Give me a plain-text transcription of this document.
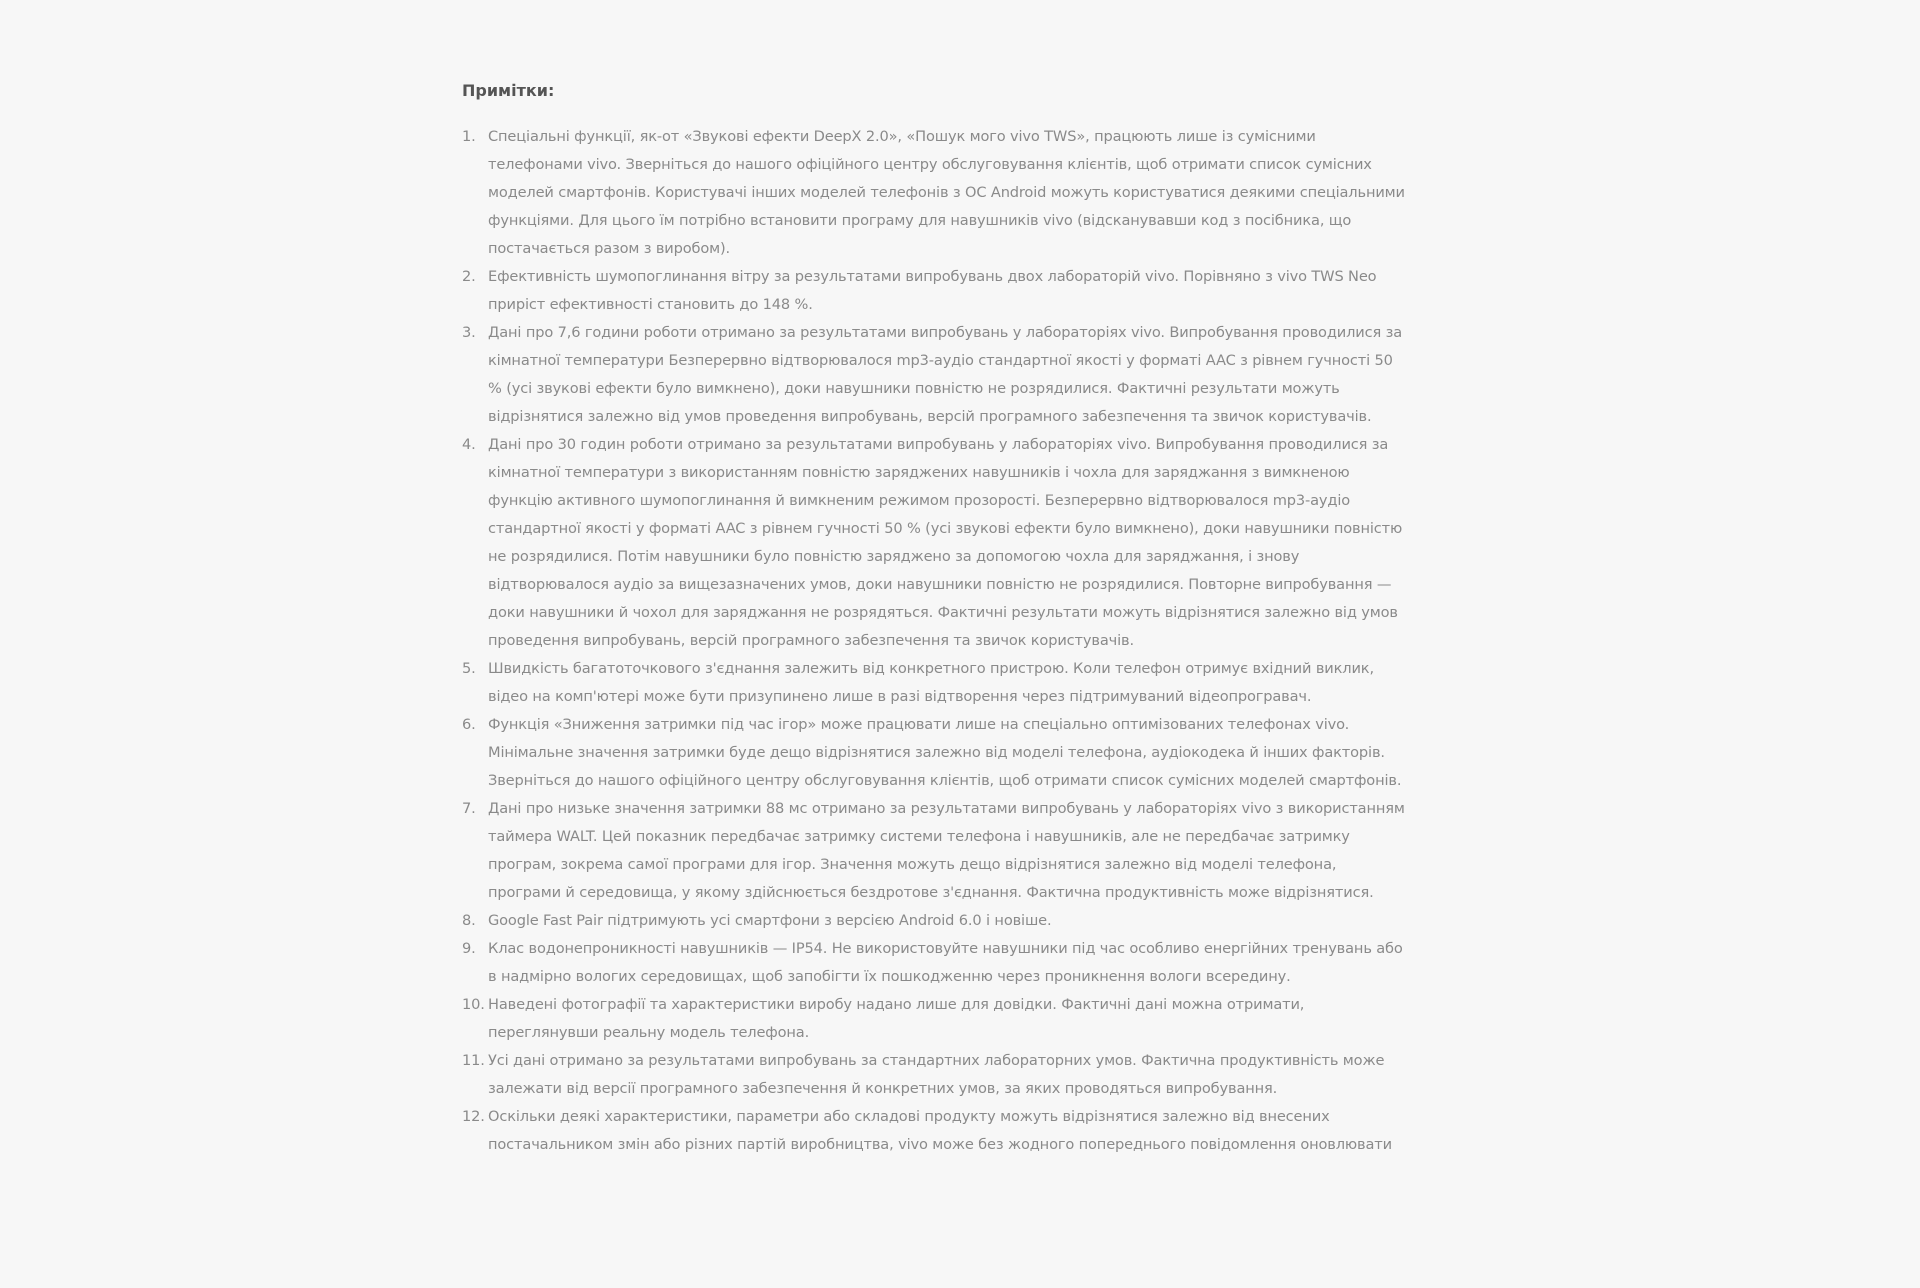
Примітки:
1. Спеціальні функції, як-от «Звукові ефекти DeepX 2.0», «Пошук мого vivo TWS», працюють лише із сумісними телефонами vivo. Зверніться до нашого офіційного центру обслуговування клієнтів, щоб отримати список сумісних моделей смартфонів. Користувачі інших моделей телефонів з ОС Android можуть користуватися деякими спеціальними функціями. Для цього їм потрібно встановити програму для навушників vivo (відсканувавши код з посібника, що постачається разом з виробом).
2. Ефективність шумопоглинання вітру за результатами випробувань двох лабораторій vivo. Порівняно з vivo TWS Neo приріст ефективності становить до 148 %.
3. Дані про 7,6 години роботи отримано за результатами випробувань у лабораторіях vivo. Випробування проводилися за кімнатної температури Безперервно відтворювалося mp3-аудіо стандартної якості у форматі AAC з рівнем гучності 50 % (усі звукові ефекти було вимкнено), доки навушники повністю не розрядилися. Фактичні результати можуть відрізнятися залежно від умов проведення випробувань, версій програмного забезпечення та звичок користувачів.
4. Дані про 30 годин роботи отримано за результатами випробувань у лабораторіях vivo. Випробування проводилися за кімнатної температури з використанням повністю заряджених навушників і чохла для заряджання з вимкненою функцію активного шумопоглинання й вимкненим режимом прозорості. Безперервно відтворювалося mp3-аудіо стандартної якості у форматі AAC з рівнем гучності 50 % (усі звукові ефекти було вимкнено), доки навушники повністю не розрядилися. Потім навушники було повністю заряджено за допомогою чохла для заряджання, і знову відтворювалося аудіо за вищезазначених умов, доки навушники повністю не розрядилися. Повторне випробування — доки навушники й чохол для заряджання не розрядяться. Фактичні результати можуть відрізнятися залежно від умов проведення випробувань, версій програмного забезпечення та звичок користувачів.
5. Швидкість багатоточкового з'єднання залежить від конкретного пристрою. Коли телефон отримує вхідний виклик, відео на комп'ютері може бути призупинено лише в разі відтворення через підтримуваний відеопрогравач.
6. Функція «Зниження затримки під час ігор» може працювати лише на спеціально оптимізованих телефонах vivo. Мінімальне значення затримки буде дещо відрізнятися залежно від моделі телефона, аудіокодека й інших факторів. Зверніться до нашого офіційного центру обслуговування клієнтів, щоб отримати список сумісних моделей смартфонів.
7. Дані про низьке значення затримки 88 мс отримано за результатами випробувань у лабораторіях vivo з використанням таймера WALT. Цей показник передбачає затримку системи телефона і навушників, але не передбачає затримку програм, зокрема самої програми для ігор. Значення можуть дещо відрізнятися залежно від моделі телефона, програми й середовища, у якому здійснюється бездротове з'єднання. Фактична продуктивність може відрізнятися.
8. Google Fast Pair підтримують усі смартфони з версією Android 6.0 і новіше.
9. Клас водонепроникності навушників — IP54. Не використовуйте навушники під час особливо енергійних тренувань або в надмірно вологих середовищах, щоб запобігти їх пошкодженню через проникнення вологи всередину.
10. Наведені фотографії та характеристики виробу надано лише для довідки. Фактичні дані можна отримати, переглянувши реальну модель телефона.
11. Усі дані отримано за результатами випробувань за стандартних лабораторних умов. Фактична продуктивність може залежати від версії програмного забезпечення й конкретних умов, за яких проводяться випробування.
12. Оскільки деякі характеристики, параметри або складові продукту можуть відрізнятися залежно від внесених постачальником змін або різних партій виробництва, vivo може без жодного попереднього повідомлення оновлювати
